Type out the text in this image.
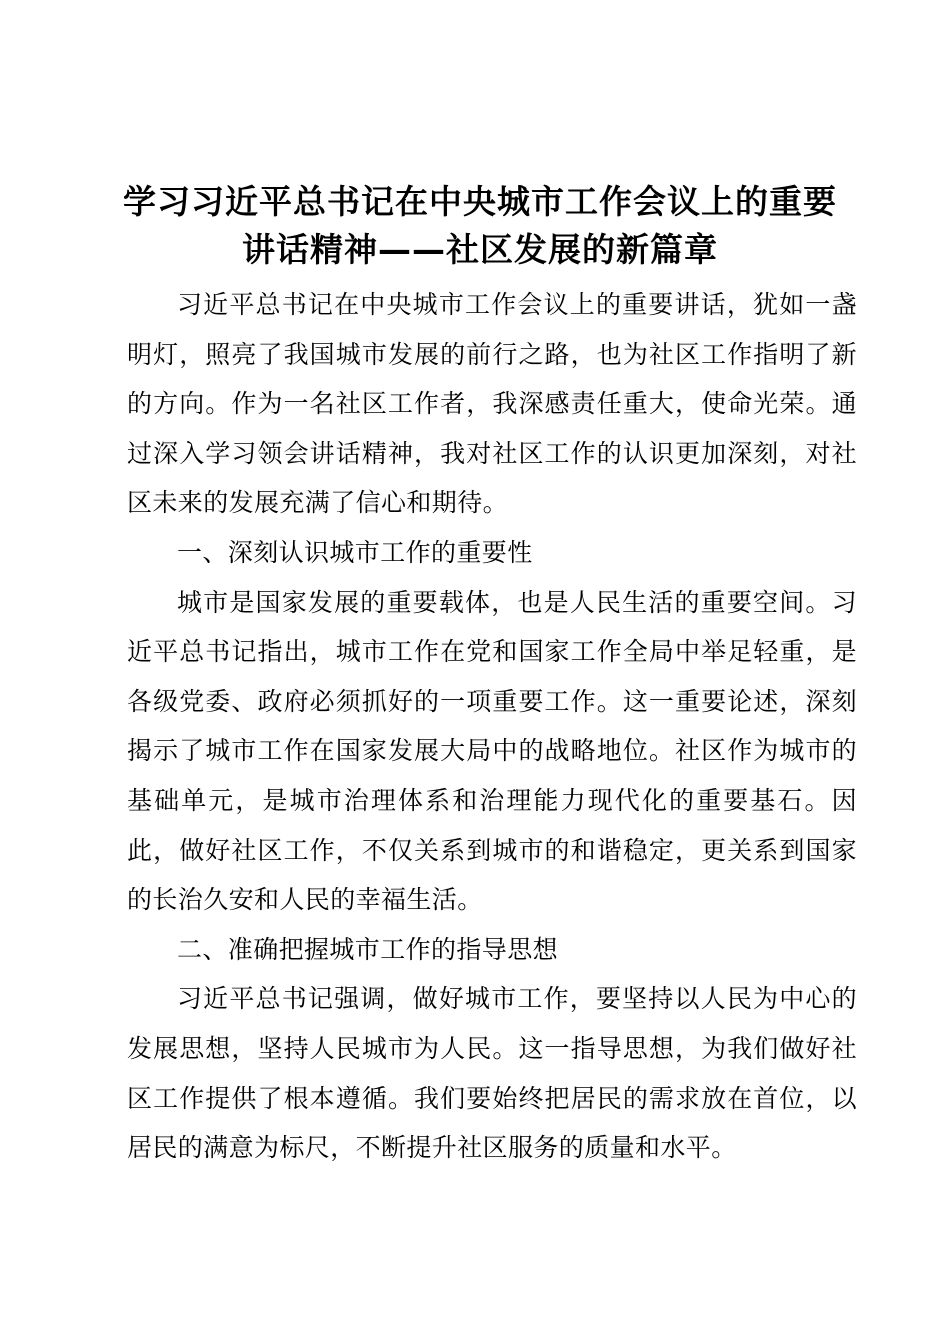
学习习近平总书记在中央城市工作会议上的重要讲话精神——社区发展的新篇章

习近平总书记在中央城市工作会议上的重要讲话，犹如一盏明灯，照亮了我国城市发展的前行之路，也为社区工作指明了新的方向。作为一名社区工作者，我深感责任重大，使命光荣。通过深入学习领会讲话精神，我对社区工作的认识更加深刻，对社区未来的发展充满了信心和期待。

一、深刻认识城市工作的重要性

城市是国家发展的重要载体，也是人民生活的重要空间。习近平总书记指出，城市工作在党和国家工作全局中举足轻重，是各级党委、政府必须抓好的一项重要工作。这一重要论述，深刻揭示了城市工作在国家发展大局中的战略地位。社区作为城市的基础单元，是城市治理体系和治理能力现代化的重要基石。因此，做好社区工作，不仅关系到城市的和谐稳定，更关系到国家的长治久安和人民的幸福生活。

二、准确把握城市工作的指导思想

习近平总书记强调，做好城市工作，要坚持以人民为中心的发展思想，坚持人民城市为人民。这一指导思想，为我们做好社区工作提供了根本遵循。我们要始终把居民的需求放在首位，以居民的满意为标尺，不断提升社区服务的质量和水平。
